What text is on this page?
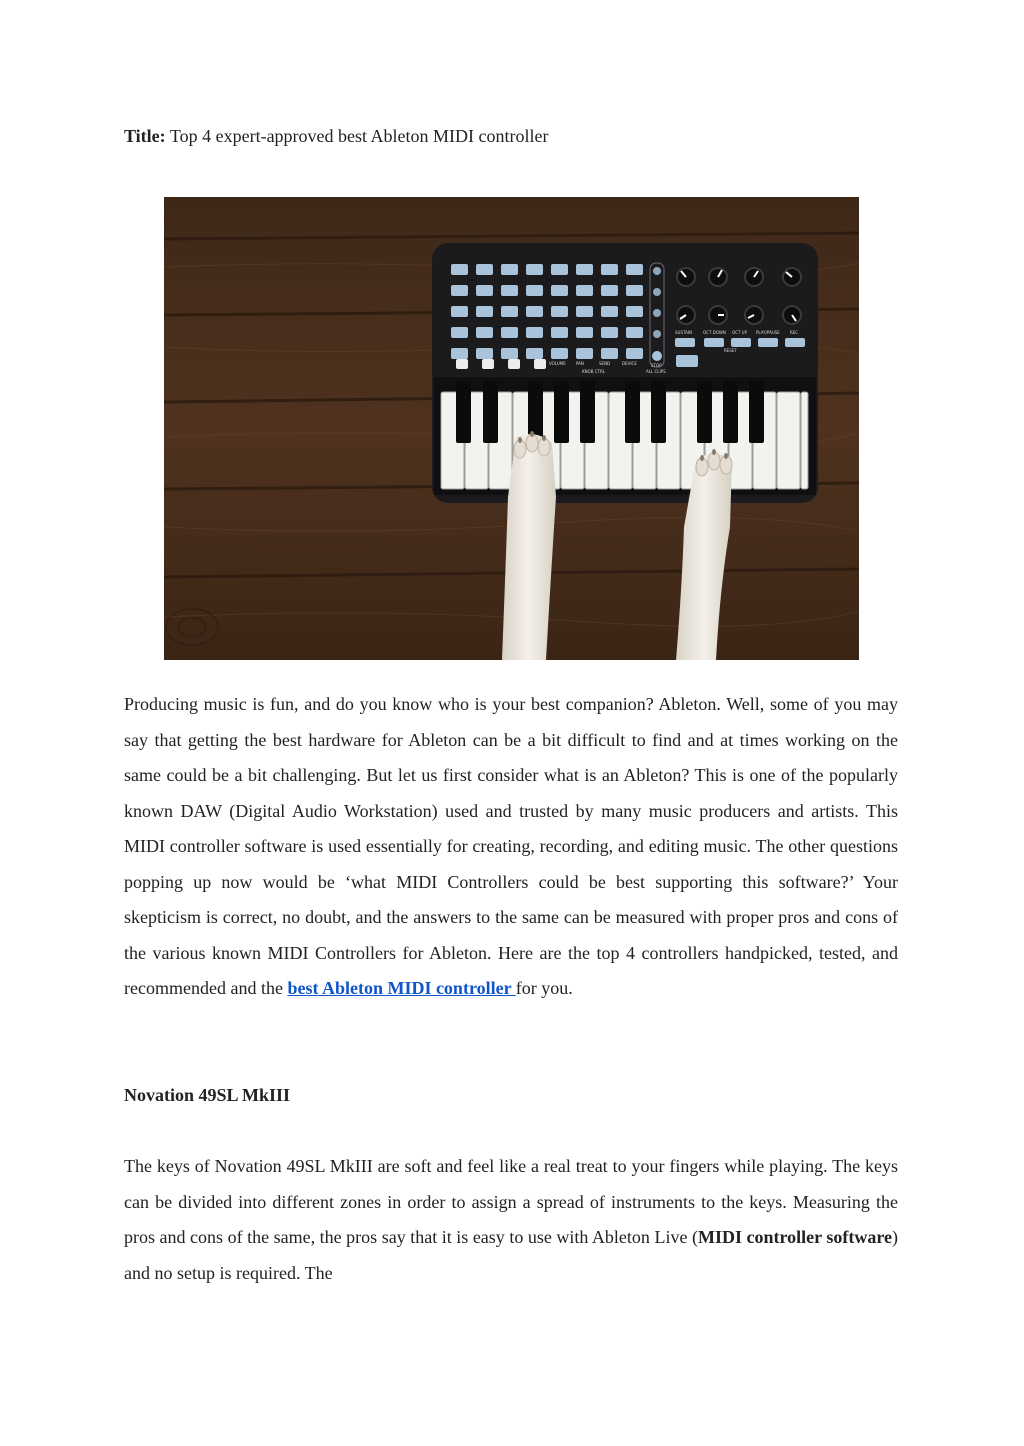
Title: Top 4 expert-approved best Ableton MIDI controller
SUSTAIN	OCT DOWN OCT UP PLAY/PAUSE	REC
RESET
VOLUME	PAN	SEND	DEVICE
KNOB CTRL
STOP
ALL CLIPS

Producing music is fun, and do you know who is your best companion? Ableton. Well, some of you may say that getting the best hardware for Ableton can be a bit difficult to find and at times working on the same could be a bit challenging. But let us first consider what is an Ableton? This is one of the popularly known DAW (Digital Audio Workstation) used and trusted by many music producers and artists. This MIDI controller software is used essentially for creating, recording, and editing music. The other questions popping up now would be ‘what MIDI Controllers could be best supporting this software?’ Your skepticism is correct, no doubt, and the answers to the same can be measured with proper pros and cons of the various known MIDI Controllers for Ableton. Here are the top 4 controllers handpicked, tested, and recommended and the best Ableton MIDI controller for you.

Novation 49SL MkIII

The keys of Novation 49SL MkIII are soft and feel like a real treat to your fingers while playing. The keys can be divided into different zones in order to assign a spread of instruments to the keys. Measuring the pros and cons of the same, the pros say that it is easy to use with Ableton Live (MIDI controller software) and no setup is required. The
